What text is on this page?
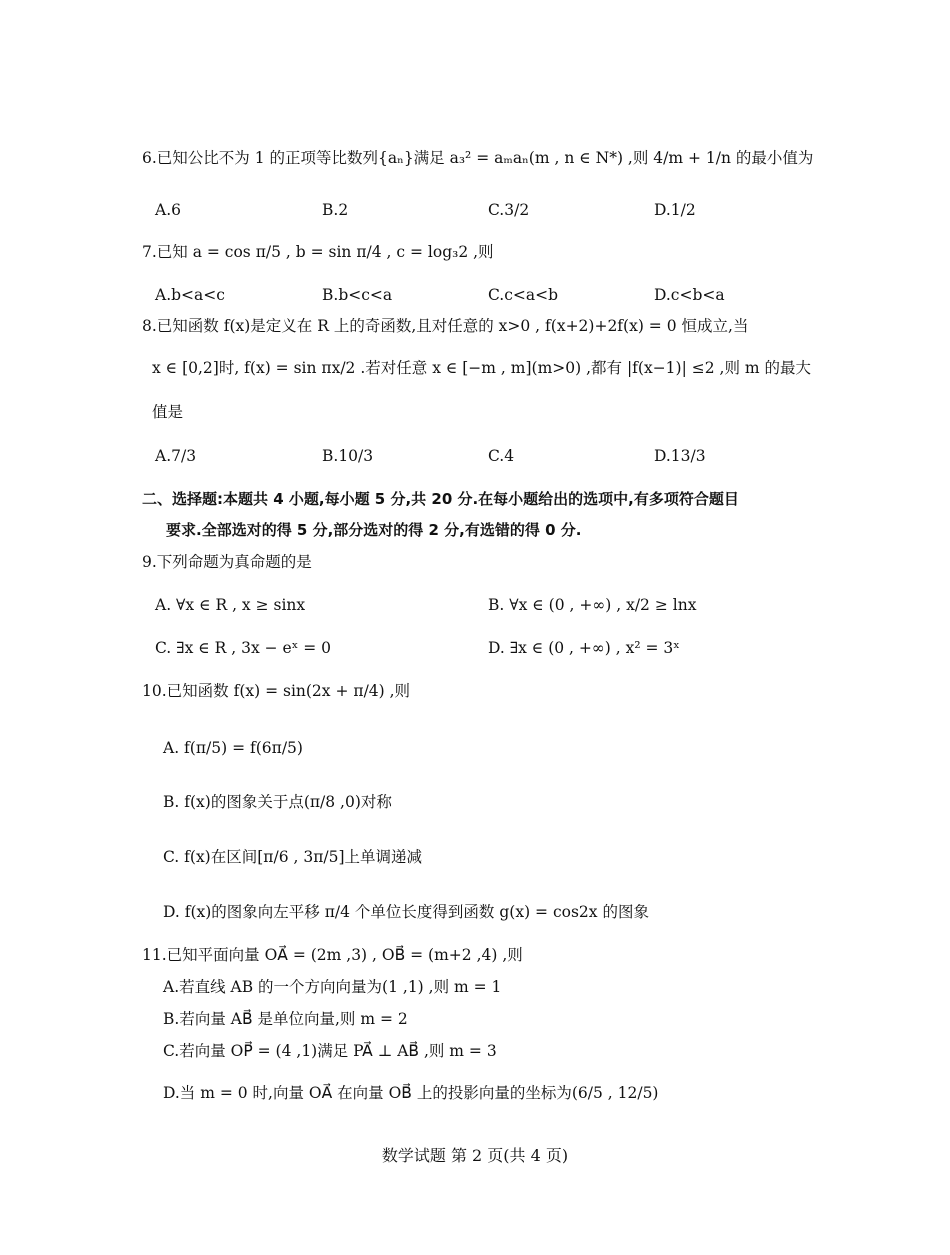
6.已知公比不为 1 的正项等比数列{aₙ}满足 a₃² = aₘaₙ(m , n ∈ N*) ,则 4/m + 1/n 的最小值为
A.6	B.2	C.3/2	D.1/2
7.已知 a = cos π/5 , b = sin π/4 , c = log₃2 ,则
A.b<a<c	B.b<c<a	C.c<a<b	D.c<b<a
8.已知函数 f(x)是定义在 R 上的奇函数,且对任意的 x>0 , f(x+2)+2f(x) = 0 恒成立,当
x ∈ [0,2]时, f(x) = sin πx/2 .若对任意 x ∈ [−m , m](m>0) ,都有 |f(x−1)| ≤2 ,则 m 的最大
值是
A.7/3	B.10/3	C.4	D.13/3
二、选择题:本题共 4 小题,每小题 5 分,共 20 分.在每小题给出的选项中,有多项符合题目
要求.全部选对的得 5 分,部分选对的得 2 分,有选错的得 0 分.
9.下列命题为真命题的是
A. ∀x ∈ R , x ≥ sinx	B. ∀x ∈ (0 , +∞) , x/2 ≥ lnx
C. ∃x ∈ R , 3x − eˣ = 0	D. ∃x ∈ (0 , +∞) , x² = 3ˣ
10.已知函数 f(x) = sin(2x + π/4) ,则
A. f(π/5) = f(6π/5)
B. f(x)的图象关于点(π/8 ,0)对称
C. f(x)在区间[π/6 , 3π/5]上单调递减
D. f(x)的图象向左平移 π/4 个单位长度得到函数 g(x) = cos2x 的图象
11.已知平面向量 OA⃗ = (2m ,3) , OB⃗ = (m+2 ,4) ,则
A.若直线 AB 的一个方向向量为(1 ,1) ,则 m = 1
B.若向量 AB⃗ 是单位向量,则 m = 2
C.若向量 OP⃗ = (4 ,1)满足 PA⃗ ⊥ AB⃗ ,则 m = 3
D.当 m = 0 时,向量 OA⃗ 在向量 OB⃗ 上的投影向量的坐标为(6/5 , 12/5)
数学试题 第 2 页(共 4 页)
